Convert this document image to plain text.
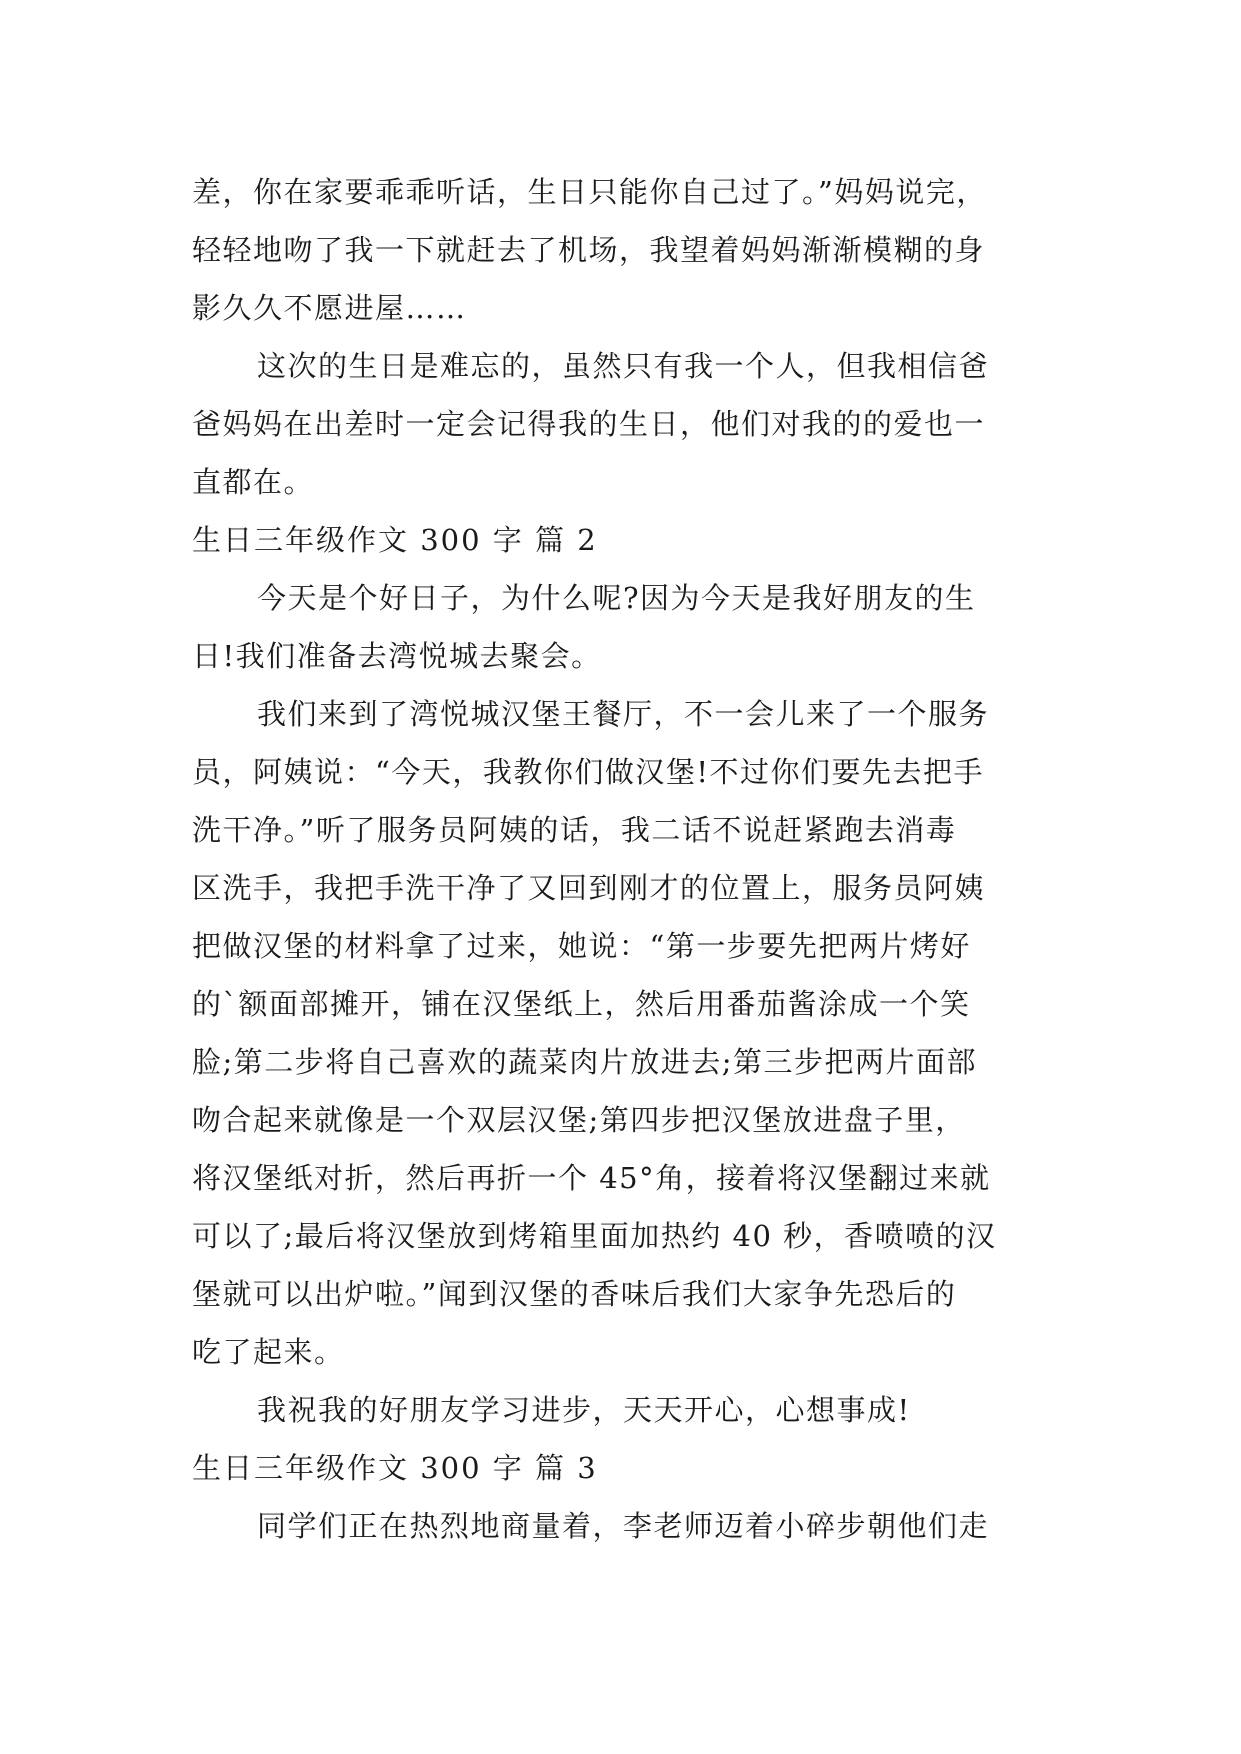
差，你在家要乖乖听话，生日只能你自己过了。”妈妈说完，
轻轻地吻了我一下就赶去了机场，我望着妈妈渐渐模糊的身
影久久不愿进屋……
这次的生日是难忘的，虽然只有我一个人，但我相信爸
爸妈妈在出差时一定会记得我的生日，他们对我的的爱也一
直都在。
生日三年级作文 300 字 篇 2
今天是个好日子，为什么呢?因为今天是我好朋友的生
日!我们准备去湾悦城去聚会。
我们来到了湾悦城汉堡王餐厅，不一会儿来了一个服务
员，阿姨说：“今天，我教你们做汉堡!不过你们要先去把手
洗干净。”听了服务员阿姨的话，我二话不说赶紧跑去消毒
区洗手，我把手洗干净了又回到刚才的位置上，服务员阿姨
把做汉堡的材料拿了过来，她说：“第一步要先把两片烤好
的`额面部摊开，铺在汉堡纸上，然后用番茄酱涂成一个笑
脸;第二步将自己喜欢的蔬菜肉片放进去;第三步把两片面部
吻合起来就像是一个双层汉堡;第四步把汉堡放进盘子里，
将汉堡纸对折，然后再折一个 45°角，接着将汉堡翻过来就
可以了;最后将汉堡放到烤箱里面加热约 40 秒，香喷喷的汉
堡就可以出炉啦。”闻到汉堡的香味后我们大家争先恐后的
吃了起来。
我祝我的好朋友学习进步，天天开心，心想事成!
生日三年级作文 300 字 篇 3
同学们正在热烈地商量着，李老师迈着小碎步朝他们走
